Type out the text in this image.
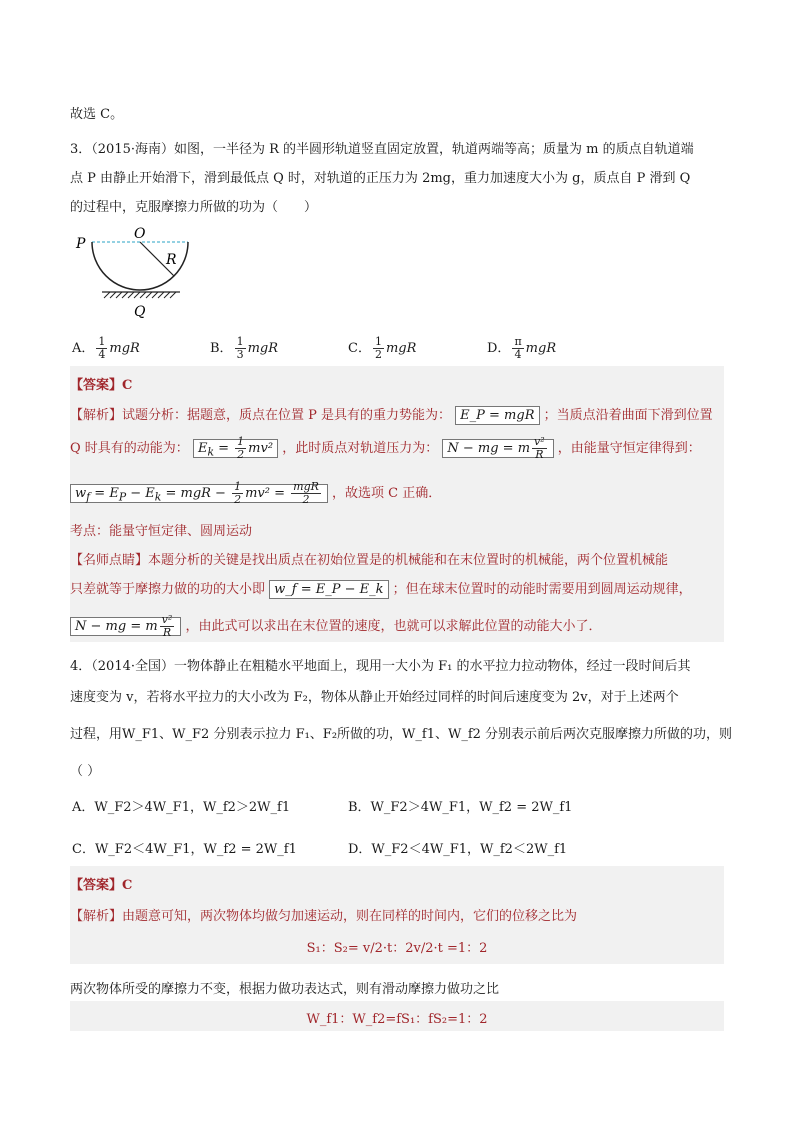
故选 C。
3．（2015·海南）如图，一半径为 R 的半圆形轨道竖直固定放置，轨道两端等高；质量为 m 的质点自轨道端
点 P 由静止开始滑下，滑到最低点 Q 时，对轨道的正压力为 2mg，重力加速度大小为 g，质点自 P 滑到 Q
的过程中，克服摩擦力所做的功为（　　）
P
O
R
Q
A． $\frac{1}{4}$ mgR	B． $\frac{1}{3}$ mgR	C． $\frac{1}{2}$ mgR	D． $\frac{\pi}{4}$ mgR
【答案】C
【解析】试题分析：据题意，质点在位置 P 是具有的重力势能为： E_P = mgR ；当质点沿着曲面下滑到位置
Q 时具有的动能为： $E_k = \frac{1}{2} mv^2$ ，此时质点对轨道压力为： N − mg = m $\frac{\text{v²}}{R}$ ，由能量守恒定律得到：
$w_f = E_P - E_k$ = mgR − $\frac{1}{2} mv^2 = \frac{\text{mgR}}{2}$ ，故选项 C 正确．
考点：能量守恒定律、圆周运动
【名师点睛】本题分析的关键是找出质点在初始位置是的机械能和在末位置时的机械能，两个位置机械能
只差就等于摩擦力做的功的大小即 w_f = E_P − E_k ；但在球末位置时的动能时需要用到圆周运动规律，
N − mg = m $\frac{\text{v²}}{R}$ ，由此式可以求出在末位置的速度，也就可以求解此位置的动能大小了．
4．（2014·全国）一物体静止在粗糙水平地面上，现用一大小为 F₁ 的水平拉力拉动物体，经过一段时间后其
速度变为 v，若将水平拉力的大小改为 F₂，物体从静止开始经过同样的时间后速度变为 2v，对于上述两个
过程，用W_F1、W_F2 分别表示拉力 F₁、F₂所做的功，W_f1、W_f2 分别表示前后两次克服摩擦力所做的功，则
（ ）
A．W_F2＞4W_F1，W_f2＞2W_f1	B．W_F2＞4W_F1，W_f2 = 2W_f1
C．W_F2＜4W_F1，W_f2 = 2W_f1	D．W_F2＜4W_F1，W_f2＜2W_f1
【答案】C
【解析】由题意可知，两次物体均做匀加速运动，则在同样的时间内，它们的位移之比为
S₁：S₂= v/2·t：2v/2·t =1：2
两次物体所受的摩擦力不变，根据力做功表达式，则有滑动摩擦力做功之比
W_f1：W_f2=fS₁：fS₂=1：2
